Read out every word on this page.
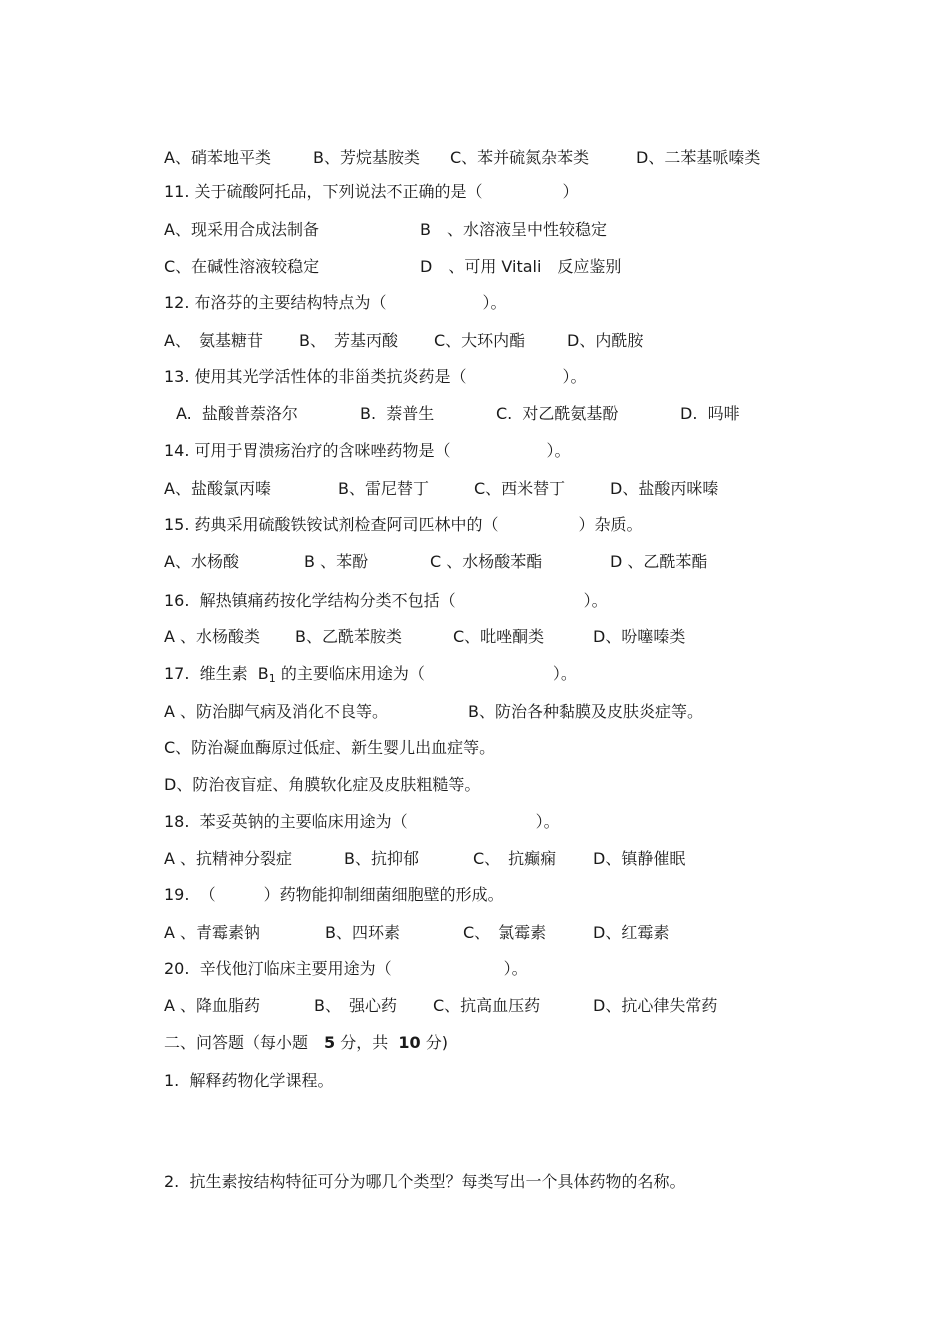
A、硝苯地平类	B、芳烷基胺类 C、苯并硫氮杂苯类	D、二苯基哌嗪类
11. 关于硫酸阿托品，下列说法不正确的是（　　　　　）
A、现采用合成法制备	B　、水溶液呈中性较稳定
C、在碱性溶液较稳定	D　、可用 Vitali　反应鉴别
12. 布洛芬的主要结构特点为（　　　　　　）。
A、　氨基糖苷 B、　芳基丙酸 C、大环内酯	D、内酰胺
13. 使用其光学活性体的非甾类抗炎药是（　　　　　　）。
A.  盐酸普萘洛尔	B.  萘普生	C.  对乙酰氨基酚	D.  吗啡
14. 可用于胃溃疡治疗的含咪唑药物是（　　　　　　）。
A、盐酸氯丙嗪	B、雷尼替丁	C、西米替丁	D、盐酸丙咪嗪
15. 药典采用硫酸铁铵试剂检查阿司匹林中的（　　　　　）杂质。
A、水杨酸	B 、苯酚	C 、水杨酸苯酯	D 、乙酰苯酯
16.  解热镇痛药按化学结构分类不包括（　　　　　　　　）。
A 、水杨酸类 B、乙酰苯胺类	C、吡唑酮类	D、吩噻嗪类
17.  维生素  $B_1$ 的主要临床用途为（　　　　　　　　）。
A 、防治脚气病及消化不良等。	B、防治各种黏膜及皮肤炎症等。
C、防治凝血酶原过低症、新生婴儿出血症等。
D、防治夜盲症、角膜软化症及皮肤粗糙等。
18.  苯妥英钠的主要临床用途为（　　　　　　　　）。
A 、抗精神分裂症	B、抗抑郁	C、　抗癫痫 D、镇静催眠
19.  （　　　）药物能抑制细菌细胞壁的形成。
A 、青霉素钠	B、四环素	C、　氯霉素	D、红霉素
20.  辛伐他汀临床主要用途为（　　　　　　　）。
A 、降血脂药	B、　强心药 C、抗高血压药	D、抗心律失常药
二、问答题（每小题　5 分，共  10 分)
1.  解释药物化学课程。
2.  抗生素按结构特征可分为哪几个类型？每类写出一个具体药物的名称。
